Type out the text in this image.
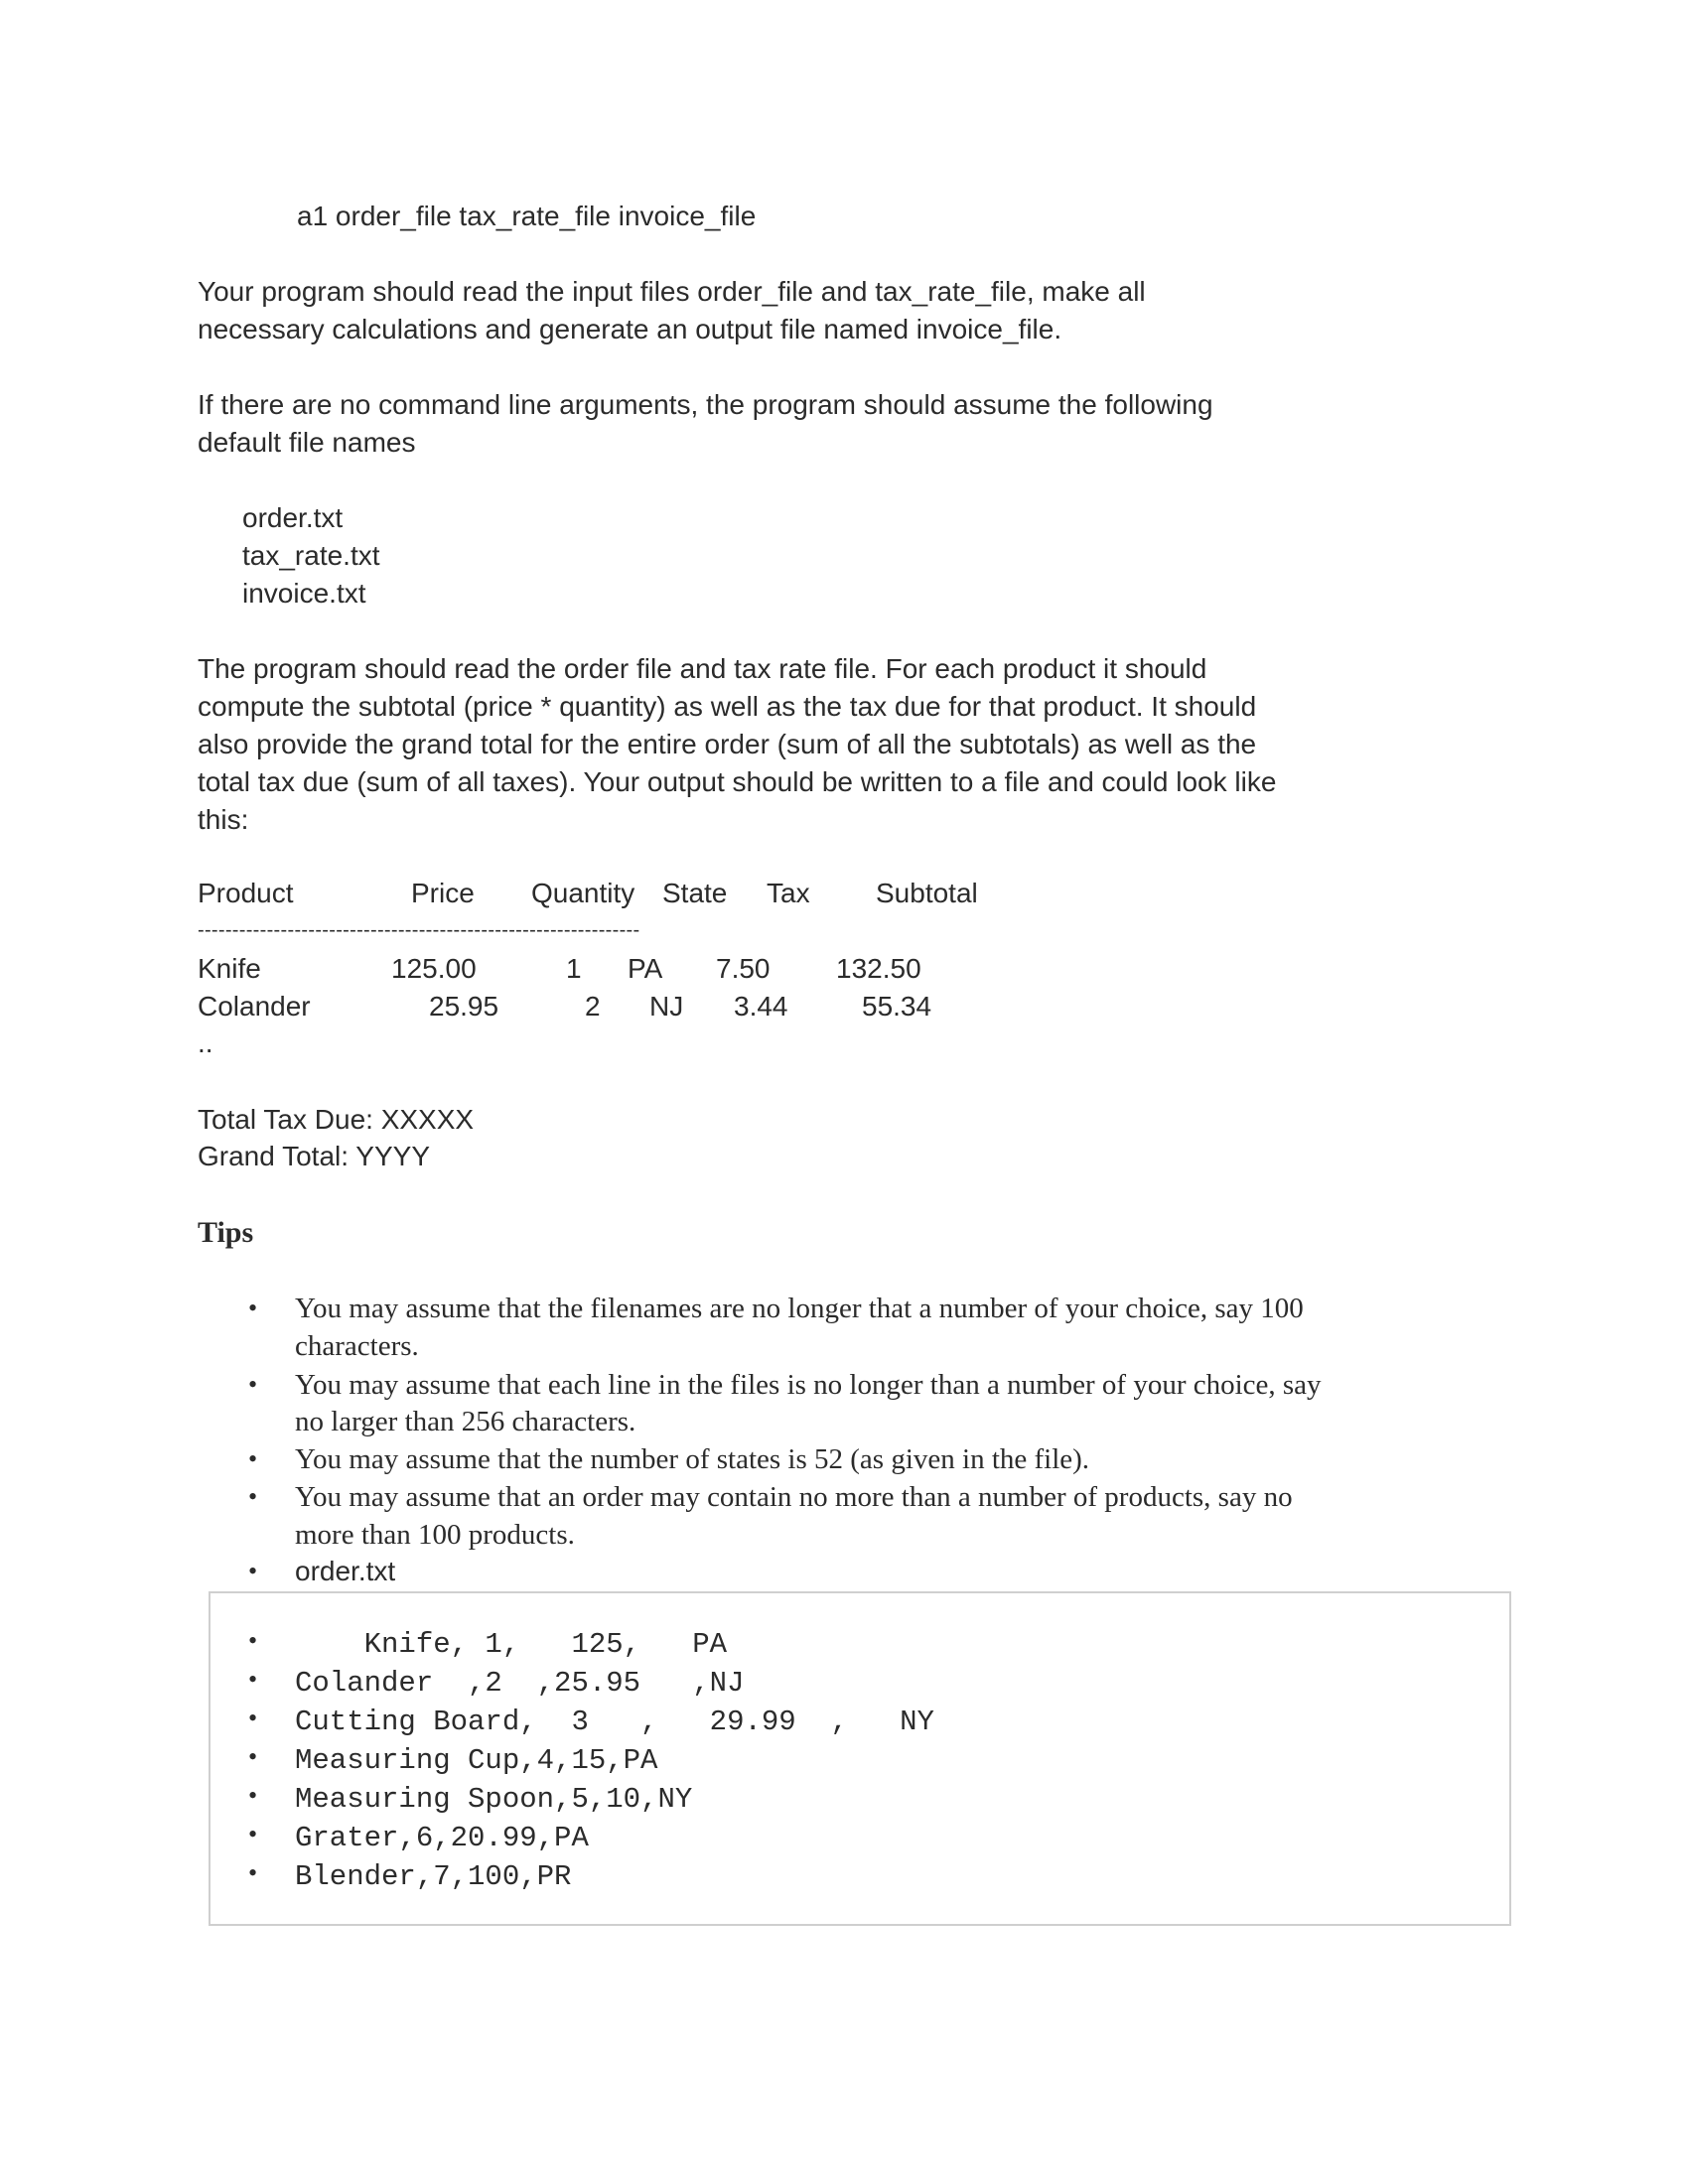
a1 order_file tax_rate_file invoice_file
Your program should read the input files order_file and tax_rate_file, make all
necessary calculations and generate an output file named invoice_file.
If there are no command line arguments, the program should assume the following
default file names
order.txt
tax_rate.txt
invoice.txt
The program should read the order file and tax rate file. For each product it should
compute the subtotal (price * quantity) as well as the tax due for that product. It should
also provide the grand total for the entire order (sum of all the subtotals) as well as the
total tax due (sum of all taxes). Your output should be written to a file and could look like
this:
Product	Price Quantity State Tax Subtotal
----------------------------------------------------------------
Knife	125.00	1 PA 7.50 132.50
Colander	25.95	2 NJ 3.44	55.34
..
Total Tax Due: XXXXX
Grand Total: YYYY
Tips
• You may assume that the filenames are no longer that a number of your choice, say 100
characters.
• You may assume that each line in the files is no longer than a number of your choice, say
no larger than 256 characters.
• You may assume that the number of states is 52 (as given in the file).
• You may assume that an order may contain no more than a number of products, say no
more than 100 products.
• order.txt
• Knife, 1,   125,   PA
• Colander  ,2  ,25.95   ,NJ
• Cutting Board,  3   ,   29.99  ,   NY
• Measuring Cup,4,15,PA
• Measuring Spoon,5,10,NY
• Grater,6,20.99,PA
• Blender,7,100,PR
